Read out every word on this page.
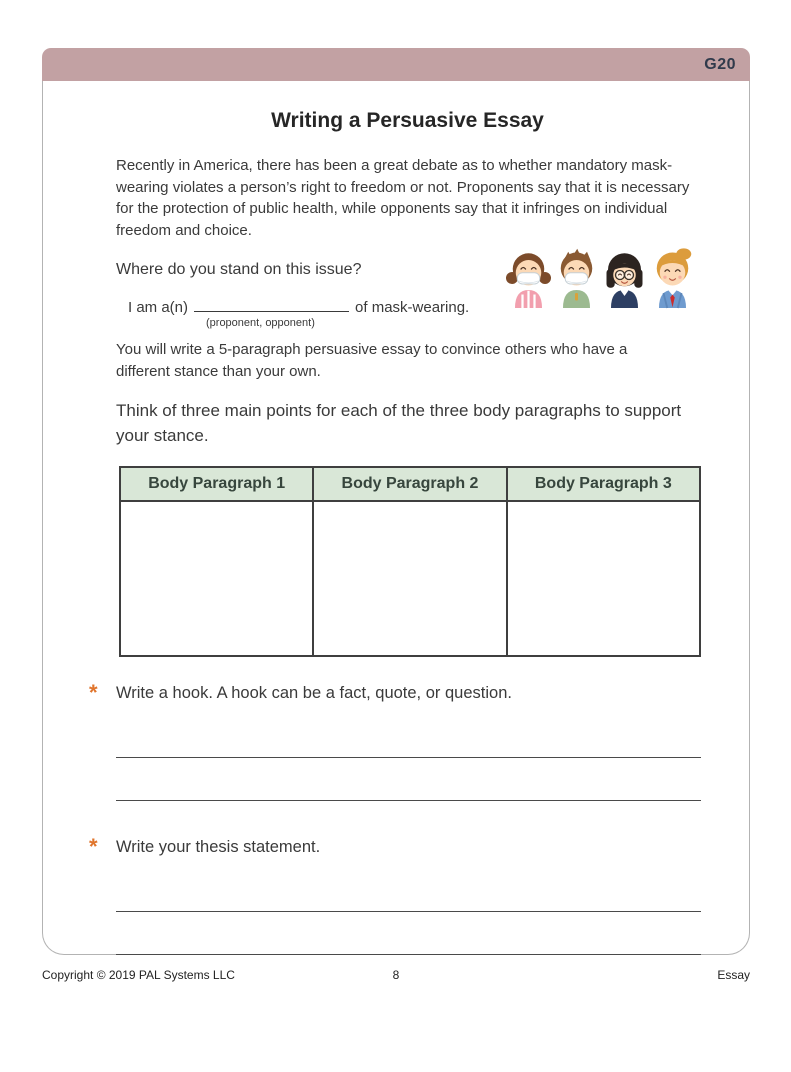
G20
Writing a Persuasive Essay

Recently in America, there has been a great debate as to whether mandatory mask-wearing violates a person’s right to freedom or not. Proponents say that it is necessary for the protection of public health, while opponents say that it infringes on individual freedom and choice.

Where do you stand on this issue?

I am a(n)	of mask-wearing.
(proponent, opponent)

You will write a 5-paragraph persuasive essay to convince others who have a different stance than your own.

Think of three main points for each of the three body paragraphs to support your stance.

Body Paragraph 1	Body Paragraph 2	Body Paragraph 3

*	Write a hook. A hook can be a fact, quote, or question.
*	Write your thesis statement.
Copyright © 2019 PAL Systems LLC	8	Essay
